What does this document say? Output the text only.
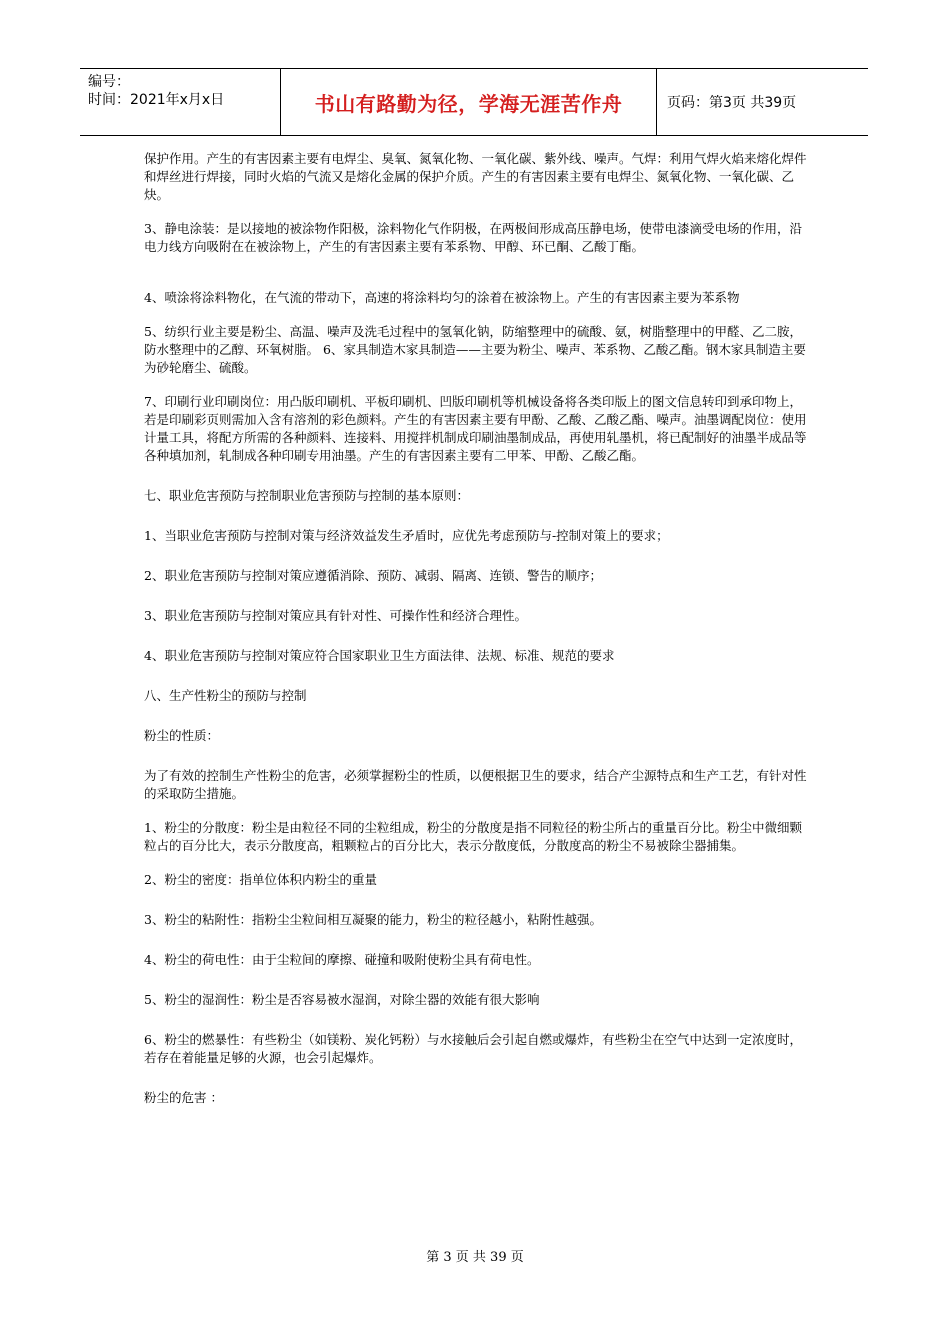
编号：
时间：2021年x月x日	书山有路勤为径，学海无涯苦作舟	页码：第3页 共39页

保护作用。产生的有害因素主要有电焊尘、臭氧、氮氧化物、一氧化碳、紫外线、噪声。气焊：利用气焊火焰来熔化焊件和焊丝进行焊接，同时火焰的气流又是熔化金属的保护介质。产生的有害因素主要有电焊尘、氮氧化物、一氧化碳、乙炔。

3、静电涂装：是以接地的被涂物作阳极，涂料物化气作阴极，在两极间形成高压静电场，使带电漆滴受电场的作用，沿电力线方向吸附在在被涂物上，产生的有害因素主要有苯系物、甲醇、环已酮、乙酸丁酯。

4、喷涂将涂料物化，在气流的带动下，高速的将涂料均匀的涂着在被涂物上。产生的有害因素主要为苯系物

5、纺织行业主要是粉尘、高温、噪声及洗毛过程中的氢氧化钠，防缩整理中的硫酸、氨，树脂整理中的甲醛、乙二胺，防水整理中的乙醇、环氧树脂。 6、家具制造木家具制造——主要为粉尘、噪声、苯系物、乙酸乙酯。钢木家具制造主要为砂轮磨尘、硫酸。

7、印刷行业印刷岗位：用凸版印刷机、平板印刷机、凹版印刷机等机械设备将各类印版上的图文信息转印到承印物上，若是印刷彩页则需加入含有溶剂的彩色颜料。产生的有害因素主要有甲酚、乙酸、乙酸乙酯、噪声。油墨调配岗位：使用计量工具，将配方所需的各种颜料、连接料、用搅拌机制成印刷油墨制成品，再使用轧墨机，将已配制好的油墨半成品等各种填加剂，轧制成各种印刷专用油墨。产生的有害因素主要有二甲苯、甲酚、乙酸乙酯。

七、职业危害预防与控制职业危害预防与控制的基本原则：

1、当职业危害预防与控制对策与经济效益发生矛盾时，应优先考虑预防与-控制对策上的要求；

2、职业危害预防与控制对策应遵循消除、预防、减弱、隔离、连锁、警告的顺序；

3、职业危害预防与控制对策应具有针对性、可操作性和经济合理性。

4、职业危害预防与控制对策应符合国家职业卫生方面法律、法规、标准、规范的要求

八、生产性粉尘的预防与控制

粉尘的性质：

为了有效的控制生产性粉尘的危害，必须掌握粉尘的性质，以便根据卫生的要求，结合产尘源特点和生产工艺，有针对性的采取防尘措施。

1、粉尘的分散度：粉尘是由粒径不同的尘粒组成，粉尘的分散度是指不同粒径的粉尘所占的重量百分比。粉尘中微细颗粒占的百分比大，表示分散度高，粗颗粒占的百分比大，表示分散度低，分散度高的粉尘不易被除尘器捕集。

2、粉尘的密度：指单位体积内粉尘的重量

3、粉尘的粘附性：指粉尘尘粒间相互凝聚的能力，粉尘的粒径越小，粘附性越强。

4、粉尘的荷电性：由于尘粒间的摩擦、碰撞和吸附使粉尘具有荷电性。

5、粉尘的湿润性：粉尘是否容易被水湿润，对除尘器的效能有很大影响

6、粉尘的燃暴性：有些粉尘（如镁粉、炭化钙粉）与水接触后会引起自燃或爆炸，有些粉尘在空气中达到一定浓度时，若存在着能量足够的火源，也会引起爆炸。

粉尘的危害 ：

第 3 页 共 39 页
